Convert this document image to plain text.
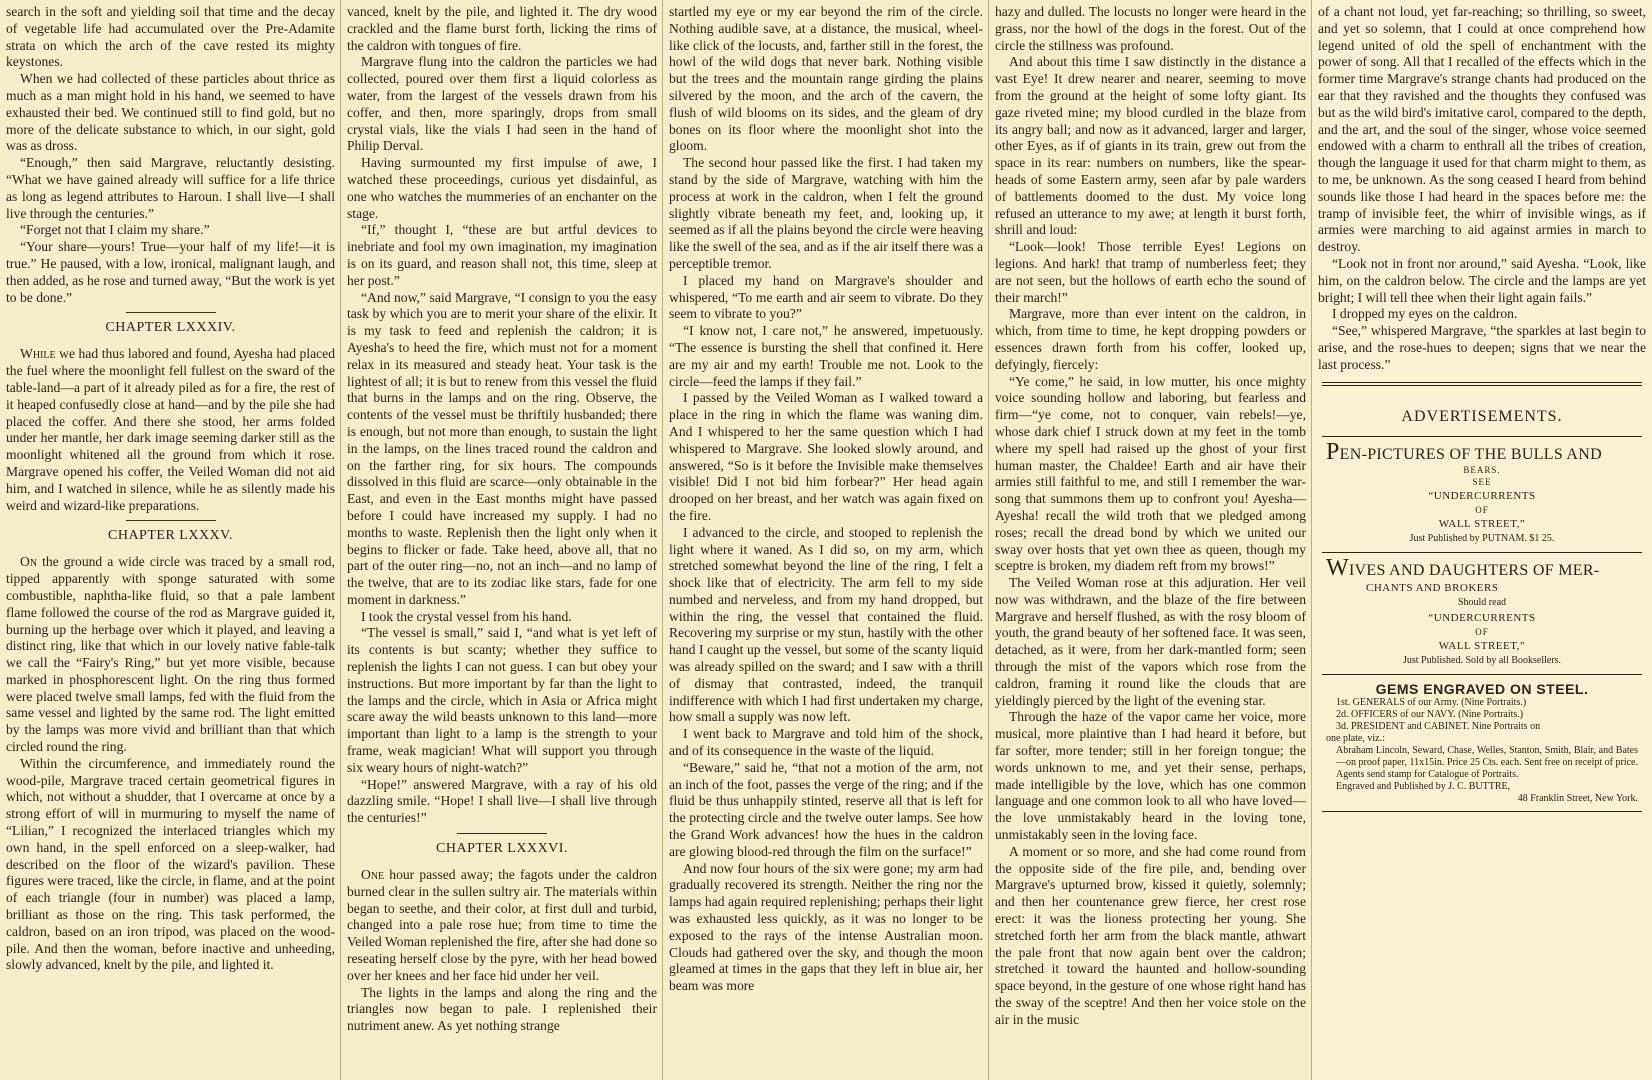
search in the soft and yielding soil that time and the decay of vegetable life had accumulated over the Pre-Adamite strata on which the arch of the cave rested its mighty keystones.

When we had collected of these particles about thrice as much as a man might hold in his hand, we seemed to have exhausted their bed. We continued still to find gold, but no more of the delicate substance to which, in our sight, gold was as dross.

“Enough,” then said Margrave, reluctantly desisting. “What we have gained already will suffice for a life thrice as long as legend attributes to Haroun. I shall live—I shall live through the centuries.”

“Forget not that I claim my share.”

“Your share—yours! True—your half of my life!—it is true.” He paused, with a low, ironical, malignant laugh, and then added, as he rose and turned away, “But the work is yet to be done.”

CHAPTER LXXXIV.

While we had thus labored and found, Ayesha had placed the fuel where the moonlight fell fullest on the sward of the table-land—a part of it already piled as for a fire, the rest of it heaped confusedly close at hand—and by the pile she had placed the coffer. And there she stood, her arms folded under her mantle, her dark image seeming darker still as the moonlight whitened all the ground from which it rose. Margrave opened his coffer, the Veiled Woman did not aid him, and I watched in silence, while he as silently made his weird and wizard-like preparations.

CHAPTER LXXXV.

On the ground a wide circle was traced by a small rod, tipped apparently with sponge saturated with some combustible, naphtha-like fluid, so that a pale lambent flame followed the course of the rod as Margrave guided it, burning up the herbage over which it played, and leaving a distinct ring, like that which in our lovely native fable-talk we call the “Fairy's Ring,” but yet more visible, because marked in phosphorescent light. On the ring thus formed were placed twelve small lamps, fed with the fluid from the same vessel and lighted by the same rod. The light emitted by the lamps was more vivid and brilliant than that which circled round the ring.

Within the circumference, and immediately round the wood-pile, Margrave traced certain geometrical figures in which, not without a shudder, that I overcame at once by a strong effort of will in murmuring to myself the name of “Lilian,” I recognized the interlaced triangles which my own hand, in the spell enforced on a sleep-walker, had described on the floor of the wizard's pavilion. These figures were traced, like the circle, in flame, and at the point of each triangle (four in number) was placed a lamp, brilliant as those on the ring. This task performed, the caldron, based on an iron tripod, was placed on the wood-pile. And then the woman, before inactive and unheeding, slowly advanced, knelt by the pile, and lighted it.

vanced, knelt by the pile, and lighted it. The dry wood crackled and the flame burst forth, licking the rims of the caldron with tongues of fire.

Margrave flung into the caldron the particles we had collected, poured over them first a liquid colorless as water, from the largest of the vessels drawn from his coffer, and then, more sparingly, drops from small crystal vials, like the vials I had seen in the hand of Philip Derval.

Having surmounted my first impulse of awe, I watched these proceedings, curious yet disdainful, as one who watches the mummeries of an enchanter on the stage.

“If,” thought I, “these are but artful devices to inebriate and fool my own imagination, my imagination is on its guard, and reason shall not, this time, sleep at her post.”

“And now,” said Margrave, “I consign to you the easy task by which you are to merit your share of the elixir. It is my task to feed and replenish the caldron; it is Ayesha's to heed the fire, which must not for a moment relax in its measured and steady heat. Your task is the lightest of all; it is but to renew from this vessel the fluid that burns in the lamps and on the ring. Observe, the contents of the vessel must be thriftily husbanded; there is enough, but not more than enough, to sustain the light in the lamps, on the lines traced round the caldron and on the farther ring, for six hours. The compounds dissolved in this fluid are scarce—only obtainable in the East, and even in the East months might have passed before I could have increased my supply. I had no months to waste. Replenish then the light only when it begins to flicker or fade. Take heed, above all, that no part of the outer ring—no, not an inch—and no lamp of the twelve, that are to its zodiac like stars, fade for one moment in darkness.”

I took the crystal vessel from his hand.

“The vessel is small,” said I, “and what is yet left of its contents is but scanty; whether they suffice to replenish the lights I can not guess. I can but obey your instructions. But more important by far than the light to the lamps and the circle, which in Asia or Africa might scare away the wild beasts unknown to this land—more important than light to a lamp is the strength to your frame, weak magician! What will support you through six weary hours of night-watch?”

“Hope!” answered Margrave, with a ray of his old dazzling smile. “Hope! I shall live—I shall live through the centuries!”

CHAPTER LXXXVI.

One hour passed away; the fagots under the caldron burned clear in the sullen sultry air. The materials within began to seethe, and their color, at first dull and turbid, changed into a pale rose hue; from time to time the Veiled Woman replenished the fire, after she had done so reseating herself close by the pyre, with her head bowed over her knees and her face hid under her veil.

The lights in the lamps and along the ring and the triangles now began to pale. I replenished their nutriment anew. As yet nothing strange

startled my eye or my ear beyond the rim of the circle. Nothing audible save, at a distance, the musical, wheel-like click of the locusts, and, farther still in the forest, the howl of the wild dogs that never bark. Nothing visible but the trees and the mountain range girding the plains silvered by the moon, and the arch of the cavern, the flush of wild blooms on its sides, and the gleam of dry bones on its floor where the moonlight shot into the gloom.

The second hour passed like the first. I had taken my stand by the side of Margrave, watching with him the process at work in the caldron, when I felt the ground slightly vibrate beneath my feet, and, looking up, it seemed as if all the plains beyond the circle were heaving like the swell of the sea, and as if the air itself there was a perceptible tremor.

I placed my hand on Margrave's shoulder and whispered, “To me earth and air seem to vibrate. Do they seem to vibrate to you?”

“I know not, I care not,” he answered, impetuously. “The essence is bursting the shell that confined it. Here are my air and my earth! Trouble me not. Look to the circle—feed the lamps if they fail.”

I passed by the Veiled Woman as I walked toward a place in the ring in which the flame was waning dim. And I whispered to her the same question which I had whispered to Margrave. She looked slowly around, and answered, “So is it before the Invisible make themselves visible! Did I not bid him forbear?” Her head again drooped on her breast, and her watch was again fixed on the fire.

I advanced to the circle, and stooped to replenish the light where it waned. As I did so, on my arm, which stretched somewhat beyond the line of the ring, I felt a shock like that of electricity. The arm fell to my side numbed and nerveless, and from my hand dropped, but within the ring, the vessel that contained the fluid. Recovering my surprise or my stun, hastily with the other hand I caught up the vessel, but some of the scanty liquid was already spilled on the sward; and I saw with a thrill of dismay that contrasted, indeed, the tranquil indifference with which I had first undertaken my charge, how small a supply was now left.

I went back to Margrave and told him of the shock, and of its consequence in the waste of the liquid.

“Beware,” said he, “that not a motion of the arm, not an inch of the foot, passes the verge of the ring; and if the fluid be thus unhappily stinted, reserve all that is left for the protecting circle and the twelve outer lamps. See how the Grand Work advances! how the hues in the caldron are glowing blood-red through the film on the surface!”

And now four hours of the six were gone; my arm had gradually recovered its strength. Neither the ring nor the lamps had again required replenishing; perhaps their light was exhausted less quickly, as it was no longer to be exposed to the rays of the intense Australian moon. Clouds had gathered over the sky, and though the moon gleamed at times in the gaps that they left in blue air, her beam was more

hazy and dulled. The locusts no longer were heard in the grass, nor the howl of the dogs in the forest. Out of the circle the stillness was profound.

And about this time I saw distinctly in the distance a vast Eye! It drew nearer and nearer, seeming to move from the ground at the height of some lofty giant. Its gaze riveted mine; my blood curdled in the blaze from its angry ball; and now as it advanced, larger and larger, other Eyes, as if of giants in its train, grew out from the space in its rear: numbers on numbers, like the spear-heads of some Eastern army, seen afar by pale warders of battlements doomed to the dust. My voice long refused an utterance to my awe; at length it burst forth, shrill and loud:

“Look—look! Those terrible Eyes! Legions on legions. And hark! that tramp of numberless feet; they are not seen, but the hollows of earth echo the sound of their march!”

Margrave, more than ever intent on the caldron, in which, from time to time, he kept dropping powders or essences drawn forth from his coffer, looked up, defyingly, fiercely:

“Ye come,” he said, in low mutter, his once mighty voice sounding hollow and laboring, but fearless and firm—“ye come, not to conquer, vain rebels!—ye, whose dark chief I struck down at my feet in the tomb where my spell had raised up the ghost of your first human master, the Chaldee! Earth and air have their armies still faithful to me, and still I remember the war-song that summons them up to confront you! Ayesha—Ayesha! recall the wild troth that we pledged among roses; recall the dread bond by which we united our sway over hosts that yet own thee as queen, though my sceptre is broken, my diadem reft from my brows!”

The Veiled Woman rose at this adjuration. Her veil now was withdrawn, and the blaze of the fire between Margrave and herself flushed, as with the rosy bloom of youth, the grand beauty of her softened face. It was seen, detached, as it were, from her dark-mantled form; seen through the mist of the vapors which rose from the caldron, framing it round like the clouds that are yieldingly pierced by the light of the evening star.

Through the haze of the vapor came her voice, more musical, more plaintive than I had heard it before, but far softer, more tender; still in her foreign tongue; the words unknown to me, and yet their sense, perhaps, made intelligible by the love, which has one common language and one common look to all who have loved—the love unmistakably heard in the loving tone, unmistakably seen in the loving face.

A moment or so more, and she had come round from the opposite side of the fire pile, and, bending over Margrave's upturned brow, kissed it quietly, solemnly; and then her countenance grew fierce, her crest rose erect: it was the lioness protecting her young. She stretched forth her arm from the black mantle, athwart the pale front that now again bent over the caldron; stretched it toward the haunted and hollow-sounding space beyond, in the gesture of one whose right hand has the sway of the sceptre! And then her voice stole on the air in the music

of a chant not loud, yet far-reaching; so thrilling, so sweet, and yet so solemn, that I could at once comprehend how legend united of old the spell of enchantment with the power of song. All that I recalled of the effects which in the former time Margrave's strange chants had produced on the ear that they ravished and the thoughts they confused was but as the wild bird's imitative carol, compared to the depth, and the art, and the soul of the singer, whose voice seemed endowed with a charm to enthrall all the tribes of creation, though the language it used for that charm might to them, as to me, be unknown. As the song ceased I heard from behind sounds like those I had heard in the spaces before me: the tramp of invisible feet, the whirr of invisible wings, as if armies were marching to aid against armies in march to destroy.

“Look not in front nor around,” said Ayesha. “Look, like him, on the caldron below. The circle and the lamps are yet bright; I will tell thee when their light again fails.”

I dropped my eyes on the caldron.

“See,” whispered Margrave, “the sparkles at last begin to arise, and the rose-hues to deepen; signs that we near the last process.”

ADVERTISEMENTS.
PEN-PICTURES OF THE BULLS AND
BEARS.
SEE
“UNDERCURRENTS
OF
WALL STREET,”
Just Published by PUTNAM. $1 25.
WIVES AND DAUGHTERS OF MER-
CHANTS AND BROKERS
Should read
“UNDERCURRENTS
OF
WALL STREET,”
Just Published. Sold by all Booksellers.
GEMS ENGRAVED ON STEEL.
1st. GENERALS of our Army. (Nine Portraits.)
2d. OFFICERS of our NAVY. (Nine Portraits.)
3d. PRESIDENT and CABINET. Nine Portraits on
one plate, viz.:
Abraham Lincoln, Seward, Chase, Welles, Stanton, Smith, Blair, and Bates—on proof paper, 11x15in. Price 25 Cts. each. Sent free on receipt of price. Agents send stamp for Catalogue of Portraits.
Engraved and Published by J. C. BUTTRE,
48 Franklin Street, New York.
